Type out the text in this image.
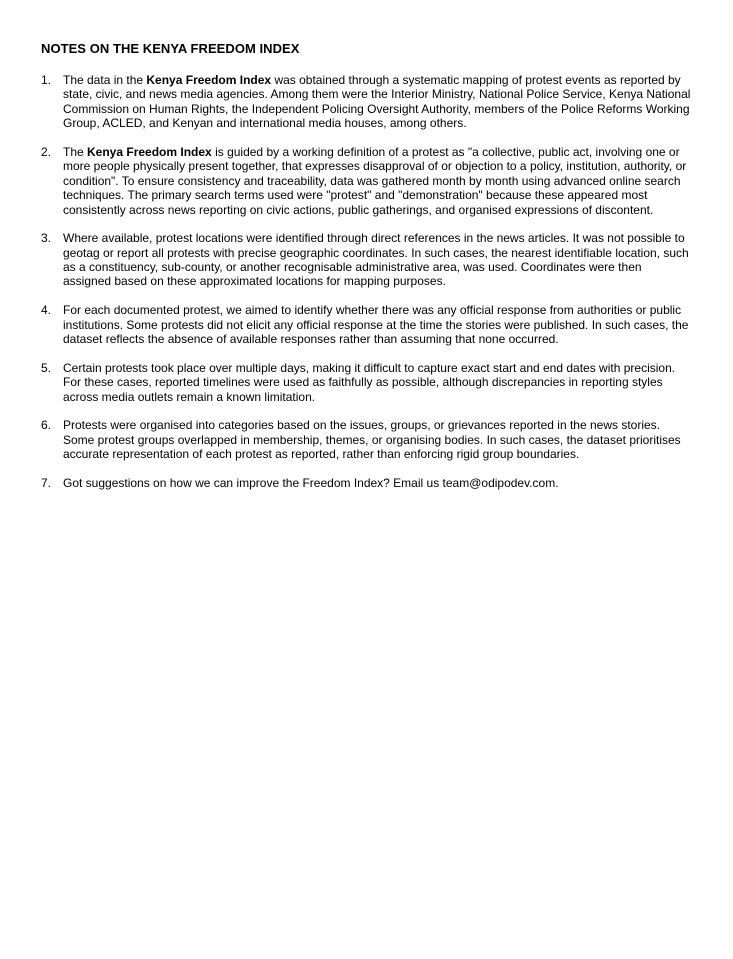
NOTES ON THE KENYA FREEDOM INDEX
1. The data in the Kenya Freedom Index was obtained through a systematic mapping of protest events as reported by state, civic, and news media agencies. Among them were the Interior Ministry, National Police Service, Kenya National Commission on Human Rights, the Independent Policing Oversight Authority, members of the Police Reforms Working Group, ACLED, and Kenyan and international media houses, among others.
2. The Kenya Freedom Index is guided by a working definition of a protest as "a collective, public act, involving one or more people physically present together, that expresses disapproval of or objection to a policy, institution, authority, or condition". To ensure consistency and traceability, data was gathered month by month using advanced online search techniques. The primary search terms used were "protest" and "demonstration" because these appeared most consistently across news reporting on civic actions, public gatherings, and organised expressions of discontent.
3. Where available, protest locations were identified through direct references in the news articles. It was not possible to geotag or report all protests with precise geographic coordinates. In such cases, the nearest identifiable location, such as a constituency, sub-county, or another recognisable administrative area, was used. Coordinates were then assigned based on these approximated locations for mapping purposes.
4. For each documented protest, we aimed to identify whether there was any official response from authorities or public institutions. Some protests did not elicit any official response at the time the stories were published. In such cases, the dataset reflects the absence of available responses rather than assuming that none occurred.
5. Certain protests took place over multiple days, making it difficult to capture exact start and end dates with precision. For these cases, reported timelines were used as faithfully as possible, although discrepancies in reporting styles across media outlets remain a known limitation.
6. Protests were organised into categories based on the issues, groups, or grievances reported in the news stories. Some protest groups overlapped in membership, themes, or organising bodies. In such cases, the dataset prioritises accurate representation of each protest as reported, rather than enforcing rigid group boundaries.
7. Got suggestions on how we can improve the Freedom Index? Email us team@odipodev.com.
